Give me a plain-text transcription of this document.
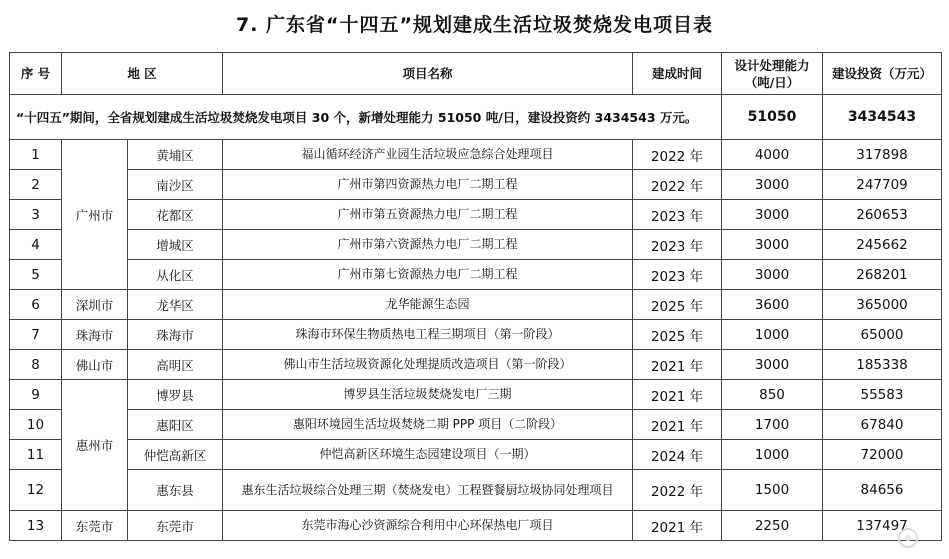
7. 广东省“十四五”规划建成生活垃圾焚烧发电项目表
序 号	地 区		项目名称	建成时间	设计处理能力（吨/日）	建设投资（万元）
“十四五”期间，全省规划建成生活垃圾焚烧发电项目 30 个，新增处理能力 51050 吨/日，建设投资约 3434543 万元。					51050	3434543
1	广州市	黄埔区	福山循环经济产业园生活垃圾应急综合处理项目	2022 年	4000	317898
2		南沙区	广州市第四资源热力电厂二期工程	2022 年	3000	247709
3		花都区	广州市第五资源热力电厂二期工程	2023 年	3000	260653
4		增城区	广州市第六资源热力电厂二期工程	2023 年	3000	245662
5		从化区	广州市第七资源热力电厂二期工程	2023 年	3000	268201
6	深圳市	龙华区	龙华能源生态园	2025 年	3600	365000
7	珠海市	珠海市	珠海市环保生物质热电工程三期项目（第一阶段）	2025 年	1000	65000
8	佛山市	高明区	佛山市生活垃圾资源化处理提质改造项目（第一阶段）	2021 年	3000	185338
9	惠州市	博罗县	博罗县生活垃圾焚烧发电厂三期	2021 年	850	55583
10		惠阳区	惠阳环境园生活垃圾焚烧二期 PPP 项目（二阶段）	2021 年	1700	67840
11		仲恺高新区	仲恺高新区环境生态园建设项目（一期）	2024 年	1000	72000
12		惠东县	惠东生活垃圾综合处理三期（焚烧发电）工程暨餐厨垃圾协同处理项目	2022 年	1500	84656
13	东莞市	东莞市	东莞市海心沙资源综合利用中心环保热电厂项目	2021 年	2250	137497
